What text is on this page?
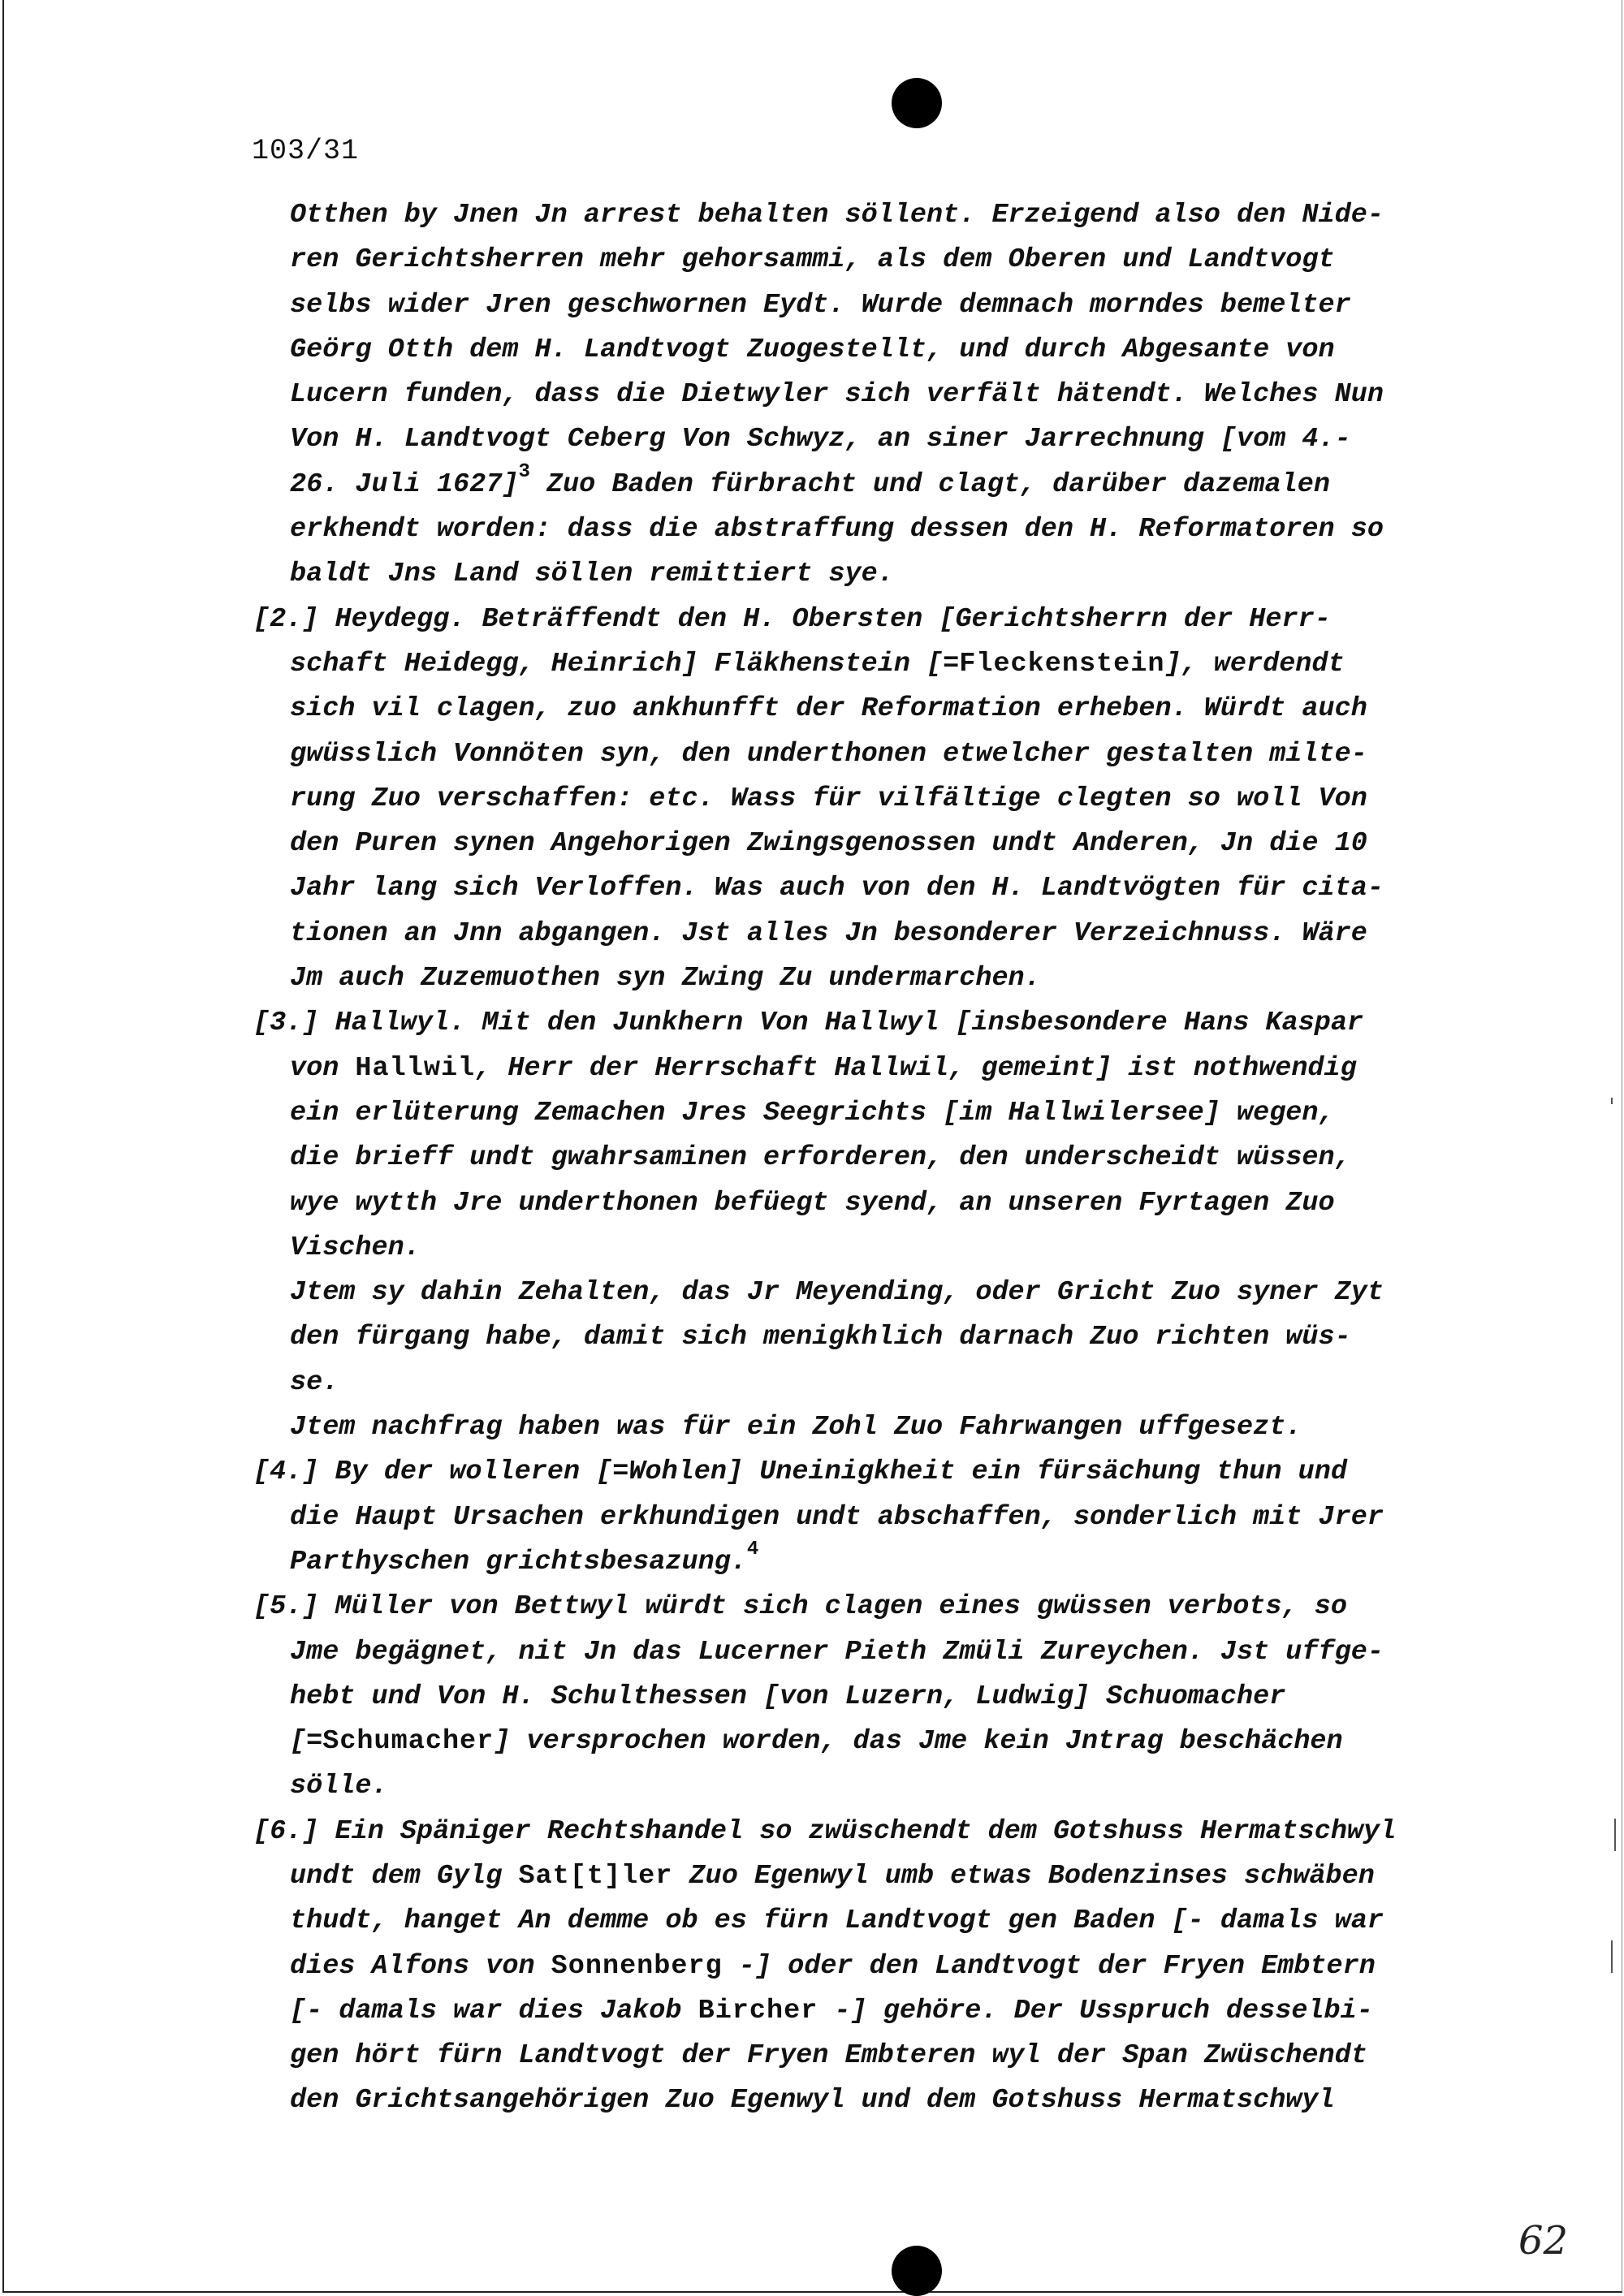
103/31
Otthen by Jnen Jn arrest behalten söllent. Erzeigend also den Nide-
ren Gerichtsherren mehr gehorsammi, als dem Oberen und Landtvogt
selbs wider Jren geschwornen Eydt. Wurde demnach morndes bemelter
Geörg Otth dem H. Landtvogt Zuogestellt, und durch Abgesante von
Lucern funden, dass die Dietwyler sich verfält hätendt. Welches Nun
Von H. Landtvogt Ceberg Von Schwyz, an siner Jarrechnung [vom 4.-
26. Juli 1627]$^3$ Zuo Baden fürbracht und clagt, darüber dazemalen
erkhendt worden: dass die abstraffung dessen den H. Reformatoren so
baldt Jns Land söllen remittiert sye.
[2.] Heydegg. Beträffendt den H. Obersten [Gerichtsherrn der Herr-
schaft Heidegg, Heinrich] Fläkhenstein [=Fleckenstein], werdendt
sich vil clagen, zuo ankhunfft der Reformation erheben. Würdt auch
gwüsslich Vonnöten syn, den underthonen etwelcher gestalten milte-
rung Zuo verschaffen: etc. Wass für vilfältige clegten so woll Von
den Puren synen Angehorigen Zwingsgenossen undt Anderen, Jn die 10
Jahr lang sich Verloffen. Was auch von den H. Landtvögten für cita-
tionen an Jnn abgangen. Jst alles Jn besonderer Verzeichnuss. Wäre
Jm auch Zuzemuothen syn Zwing Zu undermarchen.
[3.] Hallwyl. Mit den Junkhern Von Hallwyl [insbesondere Hans Kaspar
von Hallwil, Herr der Herrschaft Hallwil, gemeint] ist nothwendig
ein erlüterung Zemachen Jres Seegrichts [im Hallwilersee] wegen,
die brieff undt gwahrsaminen erforderen, den underscheidt wüssen,
wye wytth Jre underthonen befüegt syend, an unseren Fyrtagen Zuo
Vischen.
Jtem sy dahin Zehalten, das Jr Meyending, oder Gricht Zuo syner Zyt
den fürgang habe, damit sich menigkhlich darnach Zuo richten wüs-
se.
Jtem nachfrag haben was für ein Zohl Zuo Fahrwangen uffgesezt.
[4.] By der wolleren [=Wohlen] Uneinigkheit ein fürsächung thun und
die Haupt Ursachen erkhundigen undt abschaffen, sonderlich mit Jrer
Parthyschen grichtsbesazung.$^4$
[5.] Müller von Bettwyl würdt sich clagen eines gwüssen verbots, so
Jme begägnet, nit Jn das Lucerner Pieth Zmüli Zureychen. Jst uffge-
hebt und Von H. Schulthessen [von Luzern, Ludwig] Schuomacher
[=Schumacher] versprochen worden, das Jme kein Jntrag beschächen
sölle.
[6.] Ein Späniger Rechtshandel so zwüschendt dem Gotshuss Hermatschwyl
undt dem Gylg Sat[t]ler Zuo Egenwyl umb etwas Bodenzinses schwäben
thudt, hanget An demme ob es fürn Landtvogt gen Baden [- damals war
dies Alfons von Sonnenberg -] oder den Landtvogt der Fryen Embtern
[- damals war dies Jakob Bircher -] gehöre. Der Usspruch desselbi-
gen hört fürn Landtvogt der Fryen Embteren wyl der Span Zwüschendt
den Grichtsangehörigen Zuo Egenwyl und dem Gotshuss Hermatschwyl
62
